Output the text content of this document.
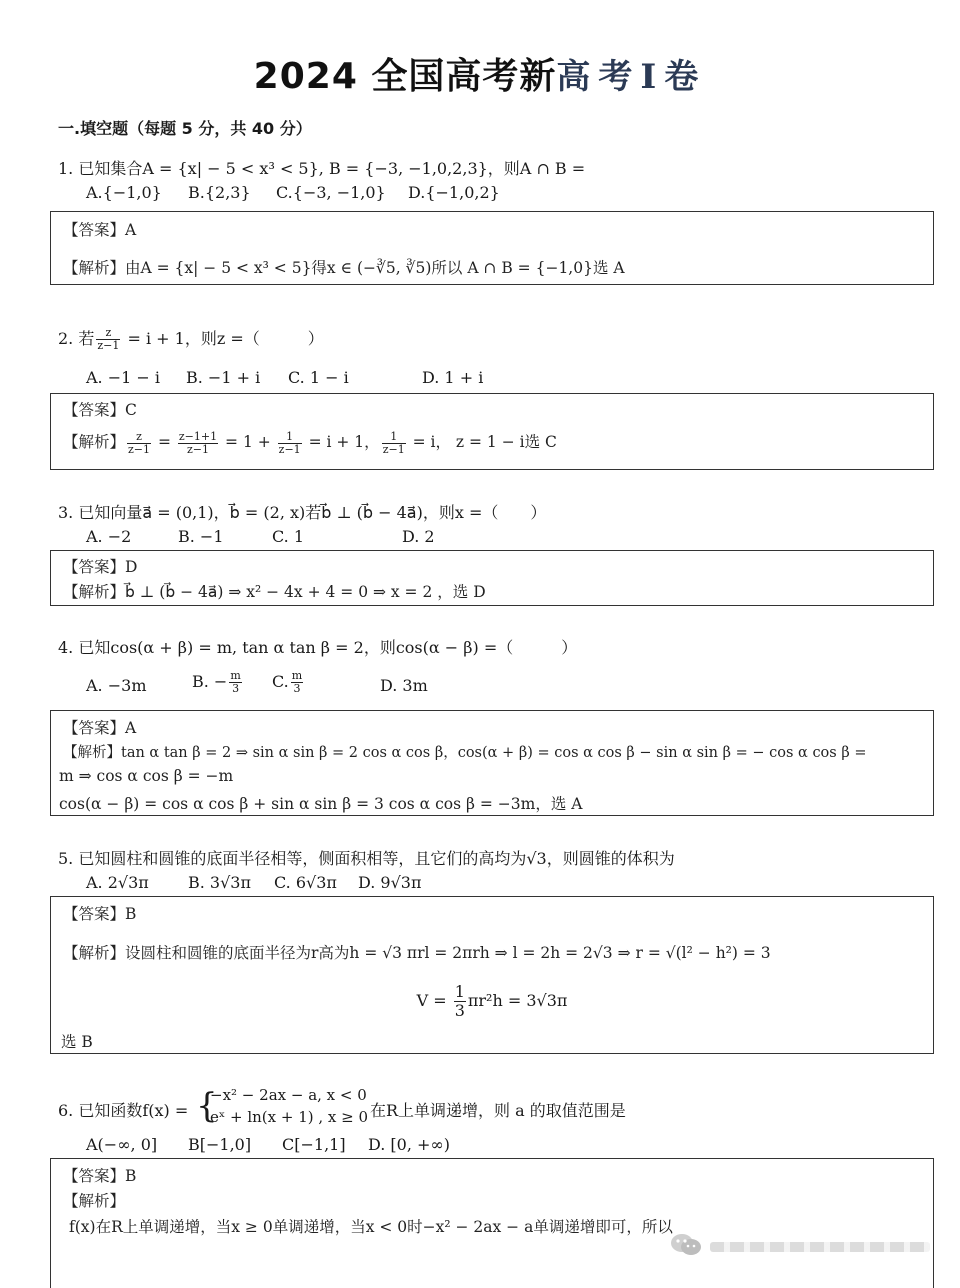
2024 全国高考新高考Ⅰ卷
一.填空题（每题 5 分，共 40 分）
1. 已知集合A = {x| − 5 < x³ < 5}, B = {−3, −1,0,2,3}，则A ∩ B =
A.{−1,0} B.{2,3} C.{−3, −1,0} D.{−1,0,2}
【答案】A
【解析】由A = {x| − 5 < x³ < 5}得x ∈ (−∛5, ∛5)所以 A ∩ B = {−1,0}选 A
2. 若 $\frac{z}{z-1} = i + 1$，则z =（　　　）
A. −1 − i B. −1 + i C. 1 − i	D. 1 + i
【答案】C
【解析】 $\frac{z}{z-1} = \frac{z-1+1}{z-1} = 1 + \frac{1}{z-1} = i + 1$， $\frac{1}{z-1} = i$， z = 1 − i选 C
3. 已知向量a⃗ = (0,1)，b⃗ = (2, x)若b⃗ ⊥ (b⃗ − 4a⃗)，则x =（　　）
A. −2	B. −1	C. 1	D. 2
【答案】D
【解析】b⃗ ⊥ (b⃗ − 4a⃗) ⇒ x² − 4x + 4 = 0 ⇒ x = 2 ，选 D
4. 已知cos(α + β) = m, tan α tan β = 2，则cos(α − β) =（　　　）
A. −3m	B. − $\frac{m}{3} C$. $\frac{m}{3}$	D. 3m
【答案】A
【解析】tan α tan β = 2 ⇒ sin α sin β = 2 cos α cos β，cos(α + β) = cos α cos β − sin α sin β = − cos α cos β =
m ⇒ cos α cos β = −m
cos(α − β) = cos α cos β + sin α sin β = 3 cos α cos β = −3m，选 A
5. 已知圆柱和圆锥的底面半径相等，侧面积相等，且它们的高均为√3，则圆锥的体积为
A. 2√3π B. 3√3π C. 6√3π D. 9√3π
【答案】B
【解析】设圆柱和圆锥的底面半径为r高为h = √3 πrl = 2πrh ⇒ l = 2h = 2√3 ⇒ r = √(l² − h²) = 3
$V = \frac{1}{3} \pi r^2h = 3√3\pi$
选 B
6. 已知函数f(x) = {
−x² − 2ax − a, x < 0
eˣ + ln(x + 1) , x ≥ 0 在R上单调递增，则 a 的取值范围是
A(−∞, 0] B[−1,0] C[−1,1] D. [0, +∞)
【答案】B
【解析】
f(x)在R上单调递增，当x ≥ 0单调递增，当x < 0时−x² − 2ax − a单调递增即可，所以
